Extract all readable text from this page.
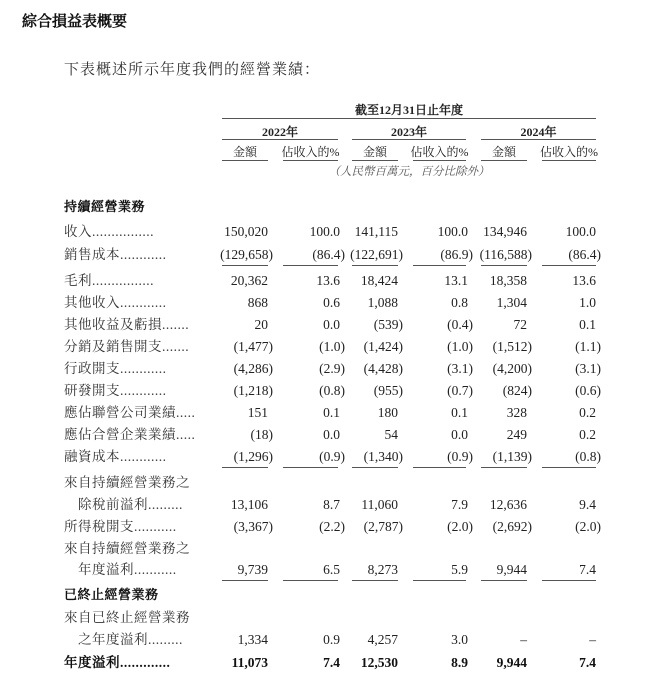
綜合損益表概要
下表概述所示年度我們的經營業績：
截至12月31日止年度
2022年	2023年	2024年
（人民幣百萬元，百分比除外）
金額	佔收入的%	金額	佔收入的%	金額	佔收入的%
持續經營業務
收入................	150,020	100.0	141,115	100.0	134,946	100.0
銷售成本............	(129,658)	(86.4) (122,691)	(86.9) (116,588)	(86.4)
毛利................	20,362	13.6	18,424	13.1	18,358	13.6
其他收入............	868	0.6	1,088	0.8	1,304	1.0
其他收益及虧損.......	20	0.0	(539)	(0.4)	72	0.1
分銷及銷售開支.......	(1,477)	(1.0)	(1,424)	(1.0)	(1,512)	(1.1)
行政開支............	(4,286)	(2.9)	(4,428)	(3.1)	(4,200)	(3.1)
研發開支............	(1,218)	(0.8)	(955)	(0.7)	(824)	(0.6)
應佔聯營公司業績.....	151	0.1	180	0.1	328	0.2
應佔合營企業業績.....	(18)	0.0	54	0.0	249	0.2
融資成本............	(1,296)	(0.9)	(1,340)	(0.9)	(1,139)	(0.8)
來自持續經營業務之
除稅前溢利.........	13,106	8.7	11,060	7.9	12,636	9.4
所得稅開支...........	(3,367)	(2.2)	(2,787)	(2.0)	(2,692)	(2.0)
來自持續經營業務之
年度溢利...........	9,739	6.5	8,273	5.9	9,944	7.4
已終止經營業務
來自已終止經營業務
之年度溢利.........	1,334	0.9	4,257	3.0	–	–
年度溢利.............	11,073	7.4	12,530	8.9	9,944	7.4
